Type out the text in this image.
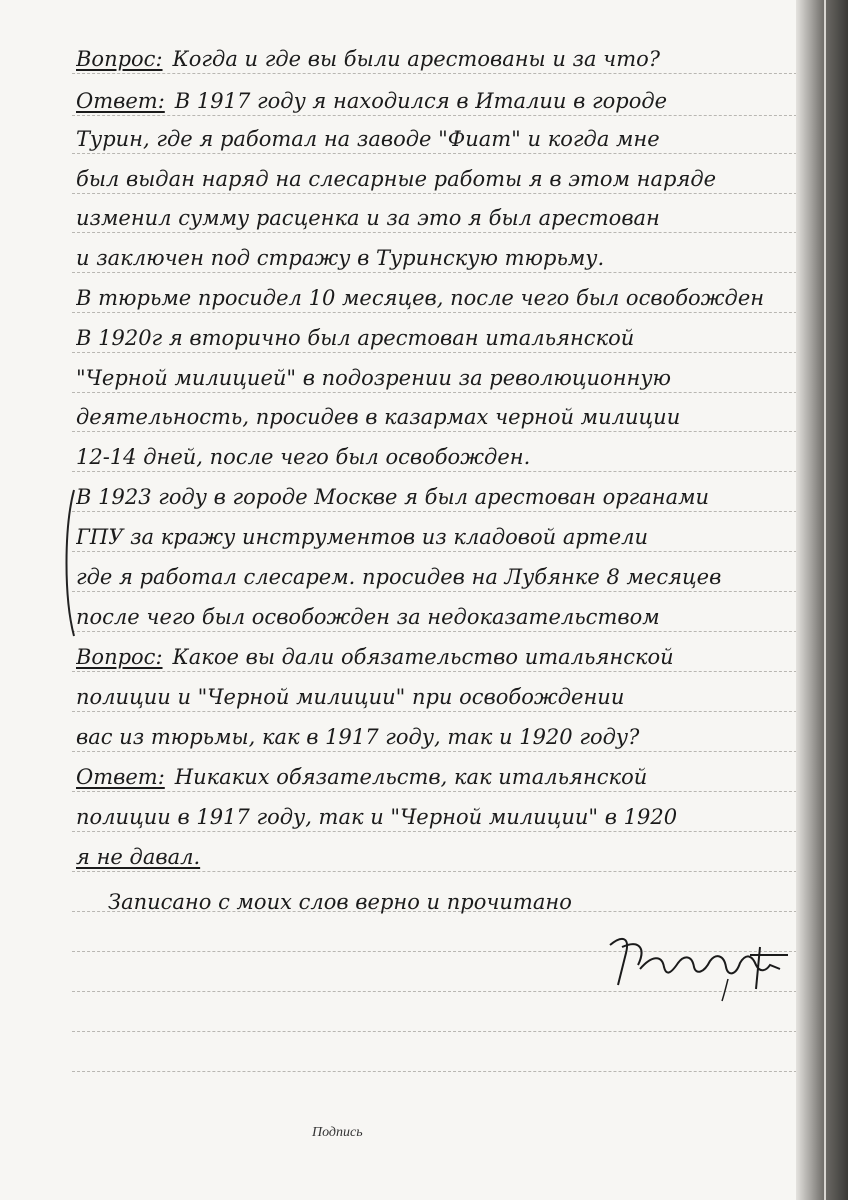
Вопрос: Когда и где вы были арестованы и за что?
Ответ: В 1917 году я находился в Италии в городе
Турин, где я работал на заводе "Фиат" и когда мне
был выдан наряд на слесарные работы я в этом наряде
изменил сумму расценка и за это я был арестован
и заключен под стражу в Туринскую тюрьму.
В тюрьме просидел 10 месяцев, после чего был освобожден
В 1920г я вторично был арестован итальянской
"Черной милицией" в подозрении за революционную
деятельность, просидев в казармах черной милиции
12-14 дней, после чего был освобожден.
В 1923 году в городе Москве я был арестован органами
ГПУ за кражу инструментов из кладовой артели
где я работал слесарем. просидев на Лубянке 8 месяцев
после чего был освобожден за недоказательством
Вопрос: Какое вы дали обязательство итальянской
полиции и "Черной милиции" при освобождении
вас из тюрьмы, как в 1917 году, так и 1920 году?
Ответ: Никаких обязательств, как итальянской
полиции в 1917 году, так и "Черной милиции" в 1920
я не давал.
Записано с моих слов верно и прочитано
Подпись
